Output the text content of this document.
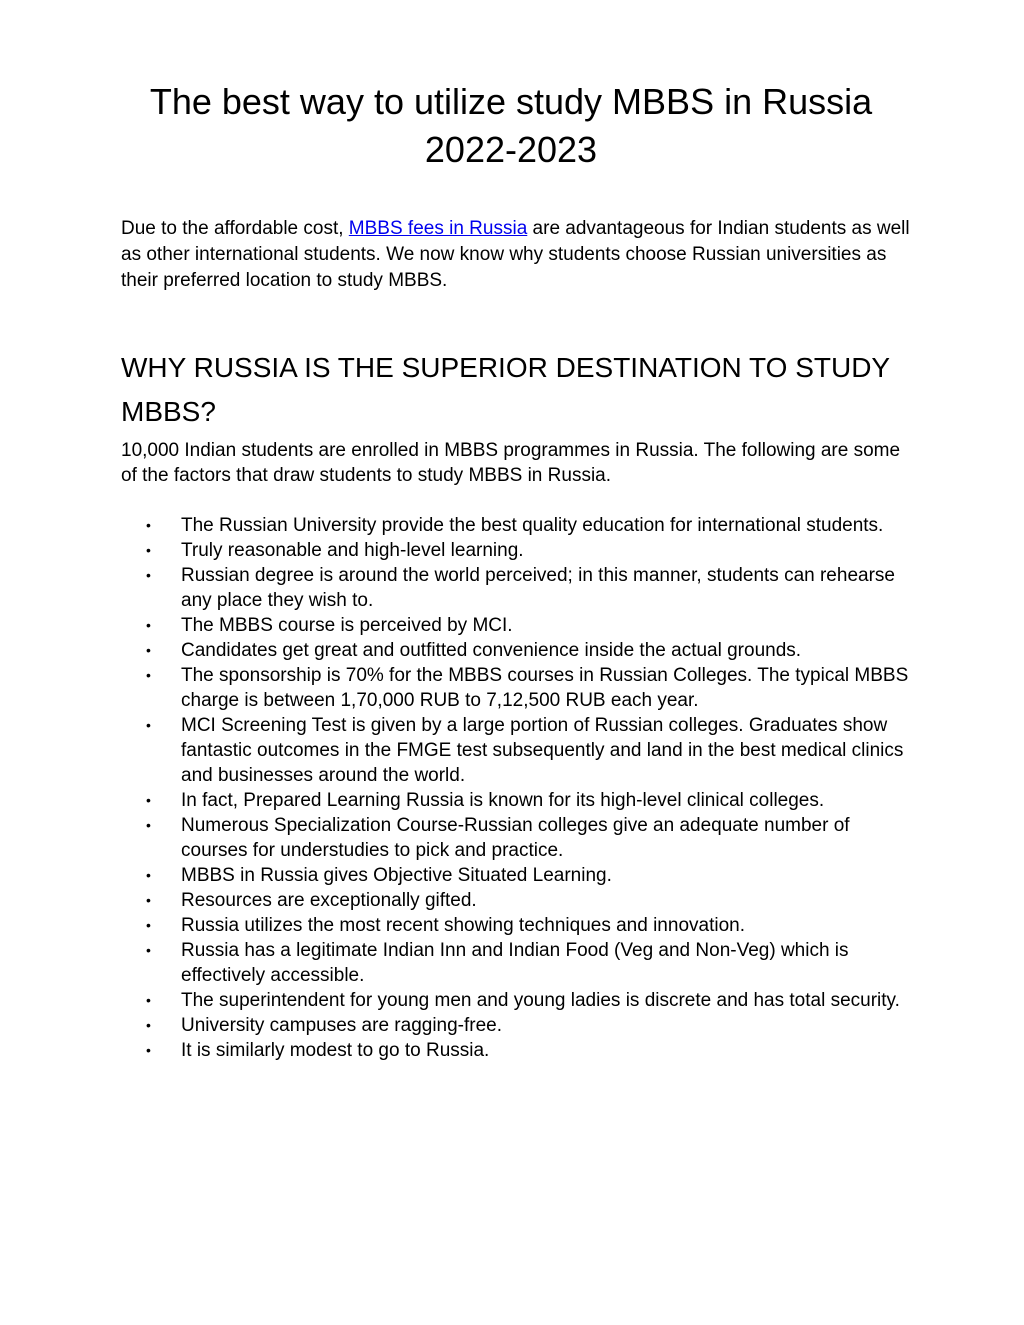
The best way to utilize study MBBS in Russia 2022-2023

Due to the affordable cost, MBBS fees in Russia are advantageous for Indian students as well as other international students. We now know why students choose Russian universities as their preferred location to study MBBS.

WHY RUSSIA IS THE SUPERIOR DESTINATION TO STUDY MBBS?

10,000 Indian students are enrolled in MBBS programmes in Russia. The following are some of the factors that draw students to study MBBS in Russia.

• The Russian University provide the best quality education for international students.
• Truly reasonable and high-level learning.
• Russian degree is around the world perceived; in this manner, students can rehearse any place they wish to.
• The MBBS course is perceived by MCI.
• Candidates get great and outfitted convenience inside the actual grounds.
• The sponsorship is 70% for the MBBS courses in Russian Colleges. The typical MBBS charge is between 1,70,000 RUB to 7,12,500 RUB each year.
• MCI Screening Test is given by a large portion of Russian colleges. Graduates show fantastic outcomes in the FMGE test subsequently and land in the best medical clinics and businesses around the world.
• In fact, Prepared Learning Russia is known for its high-level clinical colleges.
• Numerous Specialization Course-Russian colleges give an adequate number of courses for understudies to pick and practice.
• MBBS in Russia gives Objective Situated Learning.
• Resources are exceptionally gifted.
• Russia utilizes the most recent showing techniques and innovation.
• Russia has a legitimate Indian Inn and Indian Food (Veg and Non-Veg) which is effectively accessible.
• The superintendent for young men and young ladies is discrete and has total security.
• University campuses are ragging-free.
• It is similarly modest to go to Russia.
